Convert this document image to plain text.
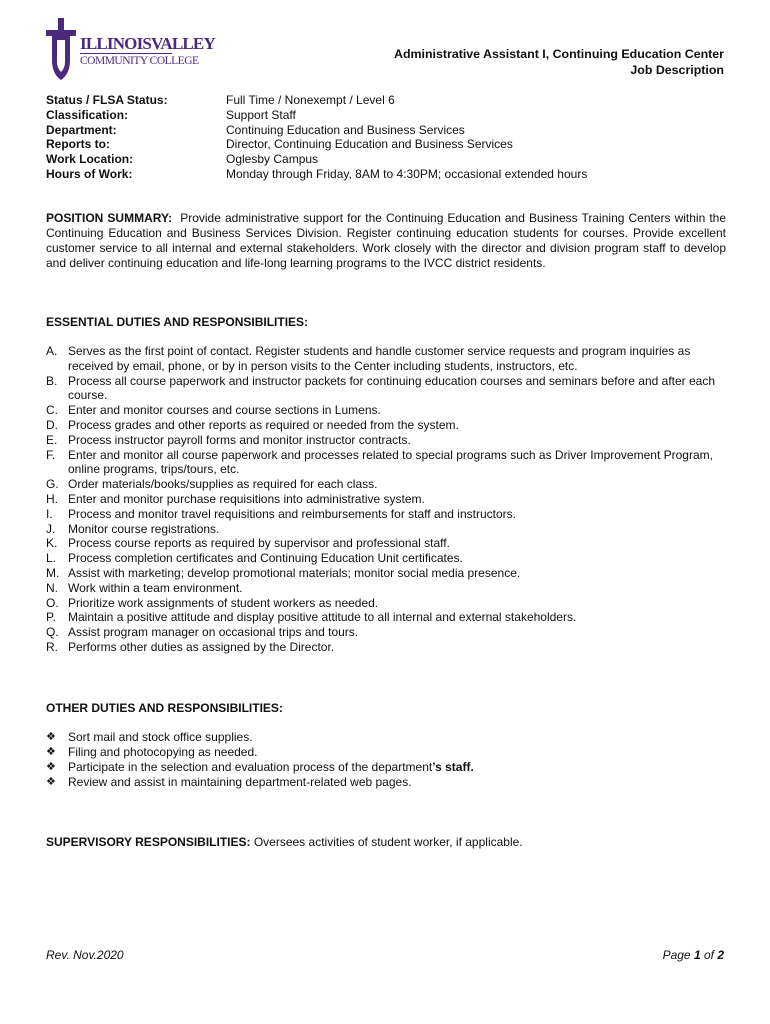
ILLINOISVALLEY
COMMUNITY COLLEGE	Administrative Assistant I, Continuing Education Center
Job Description
Status / FLSA Status:	Full Time / Nonexempt / Level 6
Classification:	Support Staff
Department:	Continuing Education and Business Services
Reports to:	Director, Continuing Education and Business Services
Work Location:	Oglesby Campus
Hours of Work:	Monday through Friday, 8AM to 4:30PM; occasional extended hours
POSITION SUMMARY: Provide administrative support for the Continuing Education and Business Training Centers within the Continuing Education and Business Services Division. Register continuing education students for courses. Provide excellent customer service to all internal and external stakeholders. Work closely with the director and division program staff to develop and deliver continuing education and life-long learning programs to the IVCC district residents.
ESSENTIAL DUTIES AND RESPONSIBILITIES:
A. Serves as the first point of contact. Register students and handle customer service requests and program inquiries as received by email, phone, or by in person visits to the Center including students, instructors, etc.
B. Process all course paperwork and instructor packets for continuing education courses and seminars before and after each course.
C. Enter and monitor courses and course sections in Lumens.
D. Process grades and other reports as required or needed from the system.
E. Process instructor payroll forms and monitor instructor contracts.
F.	Enter and monitor all course paperwork and processes related to special programs such as Driver Improvement Program, online programs, trips/tours, etc.
G. Order materials/books/supplies as required for each class.
H. Enter and monitor purchase requisitions into administrative system.
I.	Process and monitor travel requisitions and reimbursements for staff and instructors.
J.	Monitor course registrations.
K. Process course reports as required by supervisor and professional staff.
L. Process completion certificates and Continuing Education Unit certificates.
M. Assist with marketing; develop promotional materials; monitor social media presence.
N. Work within a team environment.
O. Prioritize work assignments of student workers as needed.
P.	Maintain a positive attitude and display positive attitude to all internal and external stakeholders.
Q. Assist program manager on occasional trips and tours.
R. Performs other duties as assigned by the Director.
OTHER DUTIES AND RESPONSIBILITIES:
❖	Sort mail and stock office supplies.
❖	Filing and photocopying as needed.
❖	Participate in the selection and evaluation process of the department’s staff.
❖	Review and assist in maintaining department-related web pages.
SUPERVISORY RESPONSIBILITIES: Oversees activities of student worker, if applicable.
Rev. Nov.2020	Page 1 of 2
